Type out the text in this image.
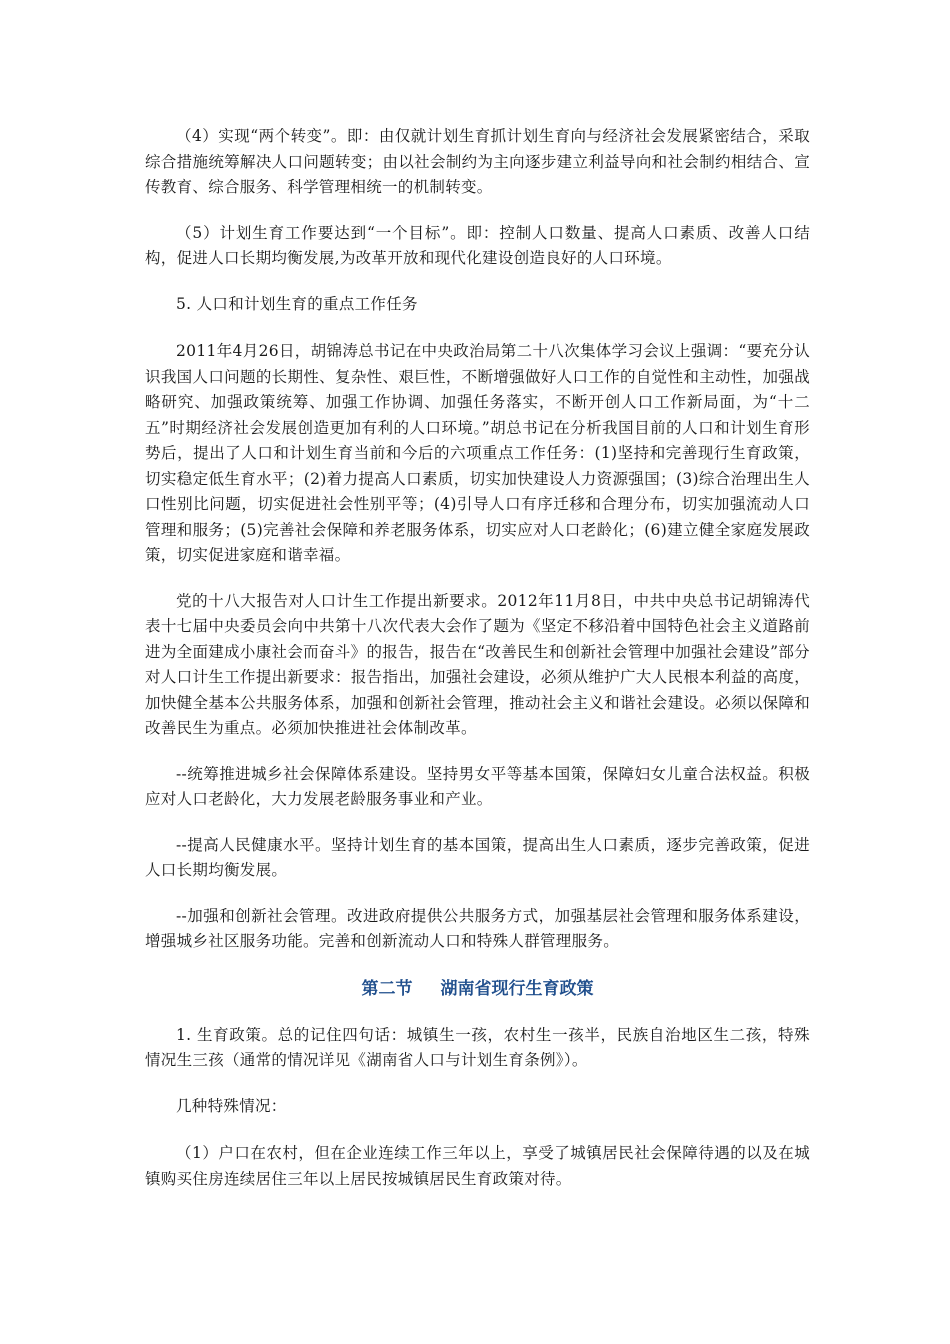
（4）实现“两个转变”。即：由仅就计划生育抓计划生育向与经济社会发展紧密结合，采取综合措施统筹解决人口问题转变；由以社会制约为主向逐步建立利益导向和社会制约相结合、宣传教育、综合服务、科学管理相统一的机制转变。

（5）计划生育工作要达到“一个目标”。即：控制人口数量、提高人口素质、改善人口结构，促进人口长期均衡发展,为改革开放和现代化建设创造良好的人口环境。

5. 人口和计划生育的重点工作任务

2011年4月26日，胡锦涛总书记在中央政治局第二十八次集体学习会议上强调：“要充分认识我国人口问题的长期性、复杂性、艰巨性，不断增强做好人口工作的自觉性和主动性，加强战略研究、加强政策统筹、加强工作协调、加强任务落实，不断开创人口工作新局面，为“十二五”时期经济社会发展创造更加有利的人口环境。”胡总书记在分析我国目前的人口和计划生育形势后，提出了人口和计划生育当前和今后的六项重点工作任务：(1)坚持和完善现行生育政策，切实稳定低生育水平；(2)着力提高人口素质，切实加快建设人力资源强国；(3)综合治理出生人口性别比问题，切实促进社会性别平等；(4)引导人口有序迁移和合理分布，切实加强流动人口管理和服务；(5)完善社会保障和养老服务体系，切实应对人口老龄化；(6)建立健全家庭发展政策，切实促进家庭和谐幸福。

党的十八大报告对人口计生工作提出新要求。2012年11月8日，中共中央总书记胡锦涛代表十七届中央委员会向中共第十八次代表大会作了题为《坚定不移沿着中国特色社会主义道路前进为全面建成小康社会而奋斗》的报告，报告在“改善民生和创新社会管理中加强社会建设”部分对人口计生工作提出新要求：报告指出，加强社会建设，必须从维护广大人民根本利益的高度，加快健全基本公共服务体系，加强和创新社会管理，推动社会主义和谐社会建设。必须以保障和改善民生为重点。必须加快推进社会体制改革。

--统筹推进城乡社会保障体系建设。坚持男女平等基本国策，保障妇女儿童合法权益。积极应对人口老龄化，大力发展老龄服务事业和产业。

--提高人民健康水平。坚持计划生育的基本国策，提高出生人口素质，逐步完善政策，促进人口长期均衡发展。

--加强和创新社会管理。改进政府提供公共服务方式，加强基层社会管理和服务体系建设，增强城乡社区服务功能。完善和创新流动人口和特殊人群管理服务。

第二节 湖南省现行生育政策

1. 生育政策。总的记住四句话：城镇生一孩，农村生一孩半，民族自治地区生二孩，特殊情况生三孩（通常的情况详见《湖南省人口与计划生育条例》）。

几种特殊情况：

（1）户口在农村，但在企业连续工作三年以上，享受了城镇居民社会保障待遇的以及在城镇购买住房连续居住三年以上居民按城镇居民生育政策对待。
